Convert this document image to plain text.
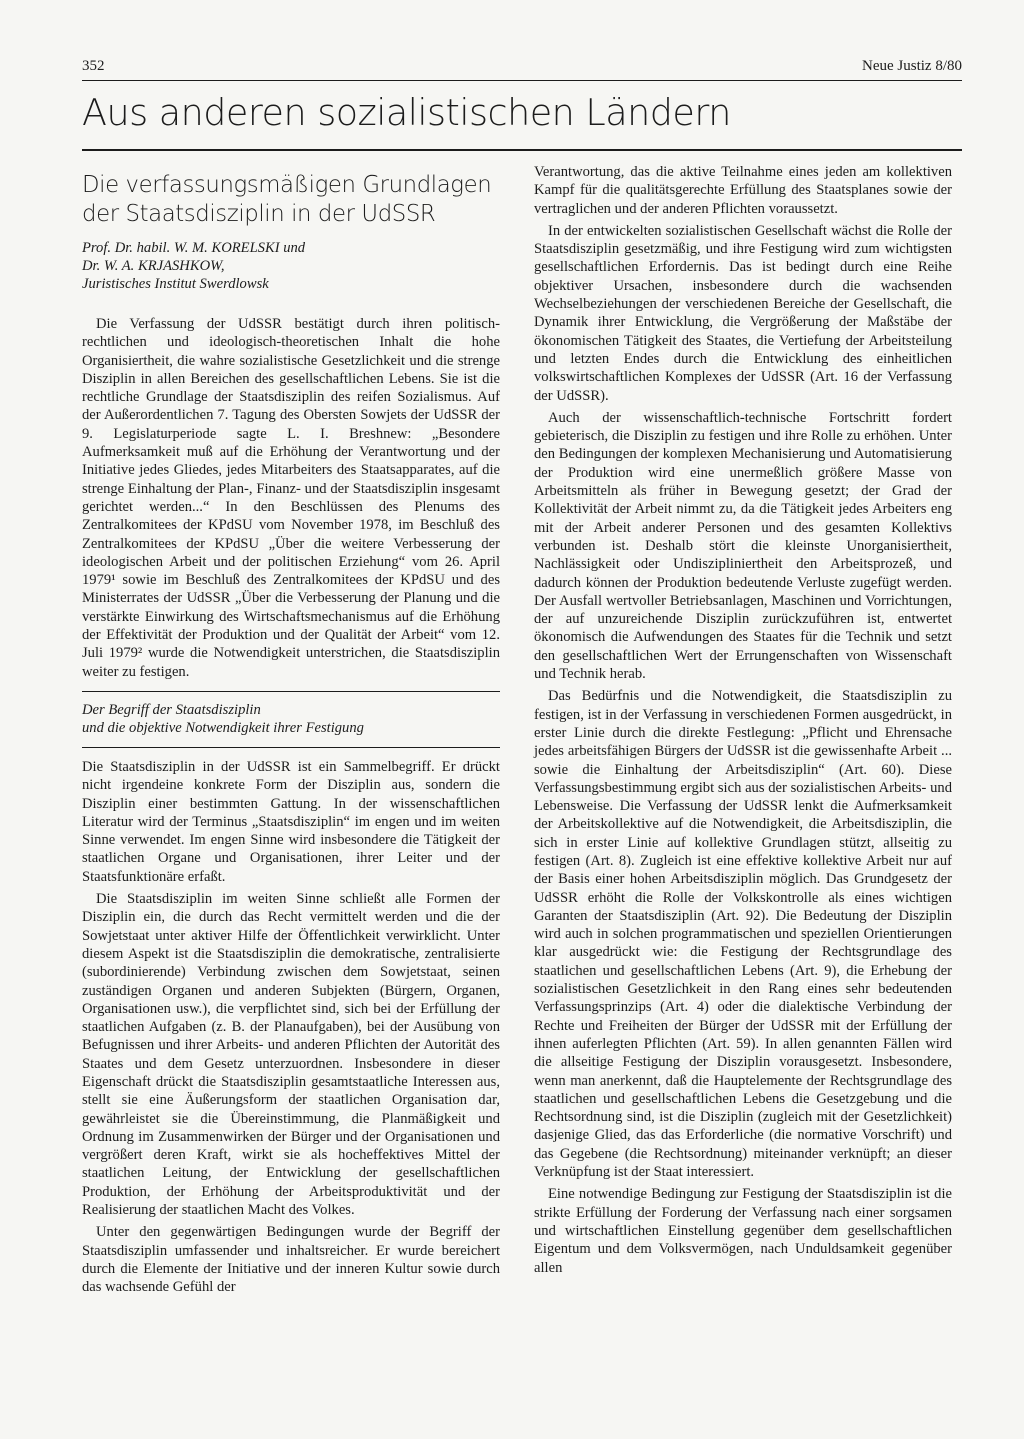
352	Neue Justiz 8/80
Aus anderen sozialistischen Ländern
Die verfassungsmäßigen Grundlagen
der Staatsdisziplin in der UdSSR
Prof. Dr. habil. W. M. KORELSKI und
Dr. W. A. KRJASHKOW,
Juristisches Institut Swerdlowsk

Die Verfassung der UdSSR bestätigt durch ihren politisch-rechtlichen und ideologisch-theoretischen Inhalt die hohe Organisiertheit, die wahre sozialistische Gesetzlichkeit und die strenge Disziplin in allen Bereichen des gesellschaftlichen Lebens. Sie ist die rechtliche Grundlage der Staatsdisziplin des reifen Sozialismus. Auf der Außerordentlichen 7. Tagung des Obersten Sowjets der UdSSR der 9. Legislaturperiode sagte L. I. Breshnew: „Besondere Aufmerksamkeit muß auf die Erhöhung der Verantwortung und der Initiative jedes Gliedes, jedes Mitarbeiters des Staatsapparates, auf die strenge Einhaltung der Plan-, Finanz- und der Staatsdisziplin insgesamt gerichtet werden...“ In den Beschlüssen des Plenums des Zentralkomitees der KPdSU vom November 1978, im Beschluß des Zentralkomitees der KPdSU „Über die weitere Verbesserung der ideologischen Arbeit und der politischen Erziehung“ vom 26. April 1979¹ sowie im Beschluß des Zentralkomitees der KPdSU und des Ministerrates der UdSSR „Über die Verbesserung der Planung und die verstärkte Einwirkung des Wirtschaftsmechanismus auf die Erhöhung der Effektivität der Produktion und der Qualität der Arbeit“ vom 12. Juli 1979² wurde die Notwendigkeit unterstrichen, die Staatsdisziplin weiter zu festigen.

Der Begriff der Staatsdisziplin
und die objektive Notwendigkeit ihrer Festigung

Die Staatsdisziplin in der UdSSR ist ein Sammelbegriff. Er drückt nicht irgendeine konkrete Form der Disziplin aus, sondern die Disziplin einer bestimmten Gattung. In der wissenschaftlichen Literatur wird der Terminus „Staatsdisziplin“ im engen und im weiten Sinne verwendet. Im engen Sinne wird insbesondere die Tätigkeit der staatlichen Organe und Organisationen, ihrer Leiter und der Staatsfunktionäre erfaßt.

Die Staatsdisziplin im weiten Sinne schließt alle Formen der Disziplin ein, die durch das Recht vermittelt werden und die der Sowjetstaat unter aktiver Hilfe der Öffentlichkeit verwirklicht. Unter diesem Aspekt ist die Staatsdisziplin die demokratische, zentralisierte (subordinierende) Verbindung zwischen dem Sowjetstaat, seinen zuständigen Organen und anderen Subjekten (Bürgern, Organen, Organisationen usw.), die verpflichtet sind, sich bei der Erfüllung der staatlichen Aufgaben (z. B. der Planaufgaben), bei der Ausübung von Befugnissen und ihrer Arbeits- und anderen Pflichten der Autorität des Staates und dem Gesetz unterzuordnen. Insbesondere in dieser Eigenschaft drückt die Staatsdisziplin gesamtstaatliche Interessen aus, stellt sie eine Äußerungsform der staatlichen Organisation dar, gewährleistet sie die Übereinstimmung, die Planmäßigkeit und Ordnung im Zusammenwirken der Bürger und der Organisationen und vergrößert deren Kraft, wirkt sie als hocheffektives Mittel der staatlichen Leitung, der Entwicklung der gesellschaftlichen Produktion, der Erhöhung der Arbeitsproduktivität und der Realisierung der staatlichen Macht des Volkes.

Unter den gegenwärtigen Bedingungen wurde der Begriff der Staatsdisziplin umfassender und inhaltsreicher. Er wurde bereichert durch die Elemente der Initiative und der inneren Kultur sowie durch das wachsende Gefühl der

Verantwortung, das die aktive Teilnahme eines jeden am kollektiven Kampf für die qualitätsgerechte Erfüllung des Staatsplanes sowie der vertraglichen und der anderen Pflichten voraussetzt.

In der entwickelten sozialistischen Gesellschaft wächst die Rolle der Staatsdisziplin gesetzmäßig, und ihre Festigung wird zum wichtigsten gesellschaftlichen Erfordernis. Das ist bedingt durch eine Reihe objektiver Ursachen, insbesondere durch die wachsenden Wechselbeziehungen der verschiedenen Bereiche der Gesellschaft, die Dynamik ihrer Entwicklung, die Vergrößerung der Maßstäbe der ökonomischen Tätigkeit des Staates, die Vertiefung der Arbeitsteilung und letzten Endes durch die Entwicklung des einheitlichen volkswirtschaftlichen Komplexes der UdSSR (Art. 16 der Verfassung der UdSSR).

Auch der wissenschaftlich-technische Fortschritt fordert gebieterisch, die Disziplin zu festigen und ihre Rolle zu erhöhen. Unter den Bedingungen der komplexen Mechanisierung und Automatisierung der Produktion wird eine unermeßlich größere Masse von Arbeitsmitteln als früher in Bewegung gesetzt; der Grad der Kollektivität der Arbeit nimmt zu, da die Tätigkeit jedes Arbeiters eng mit der Arbeit anderer Personen und des gesamten Kollektivs verbunden ist. Deshalb stört die kleinste Unorganisiertheit, Nachlässigkeit oder Undiszipliniertheit den Arbeitsprozeß, und dadurch können der Produktion bedeutende Verluste zugefügt werden. Der Ausfall wertvoller Betriebsanlagen, Maschinen und Vorrichtungen, der auf unzureichende Disziplin zurückzuführen ist, entwertet ökonomisch die Aufwendungen des Staates für die Technik und setzt den gesellschaftlichen Wert der Errungenschaften von Wissenschaft und Technik herab.

Das Bedürfnis und die Notwendigkeit, die Staatsdisziplin zu festigen, ist in der Verfassung in verschiedenen Formen ausgedrückt, in erster Linie durch die direkte Festlegung: „Pflicht und Ehrensache jedes arbeitsfähigen Bürgers der UdSSR ist die gewissenhafte Arbeit ... sowie die Einhaltung der Arbeitsdisziplin“ (Art. 60). Diese Verfassungsbestimmung ergibt sich aus der sozialistischen Arbeits- und Lebensweise. Die Verfassung der UdSSR lenkt die Aufmerksamkeit der Arbeitskollektive auf die Notwendigkeit, die Arbeitsdisziplin, die sich in erster Linie auf kollektive Grundlagen stützt, allseitig zu festigen (Art. 8). Zugleich ist eine effektive kollektive Arbeit nur auf der Basis einer hohen Arbeitsdisziplin möglich. Das Grundgesetz der UdSSR erhöht die Rolle der Volkskontrolle als eines wichtigen Garanten der Staatsdisziplin (Art. 92). Die Bedeutung der Disziplin wird auch in solchen programmatischen und speziellen Orientierungen klar ausgedrückt wie: die Festigung der Rechtsgrundlage des staatlichen und gesellschaftlichen Lebens (Art. 9), die Erhebung der sozialistischen Gesetzlichkeit in den Rang eines sehr bedeutenden Verfassungsprinzips (Art. 4) oder die dialektische Verbindung der Rechte und Freiheiten der Bürger der UdSSR mit der Erfüllung der ihnen auferlegten Pflichten (Art. 59). In allen genannten Fällen wird die allseitige Festigung der Disziplin vorausgesetzt. Insbesondere, wenn man anerkennt, daß die Hauptelemente der Rechtsgrundlage des staatlichen und gesellschaftlichen Lebens die Gesetzgebung und die Rechtsordnung sind, ist die Disziplin (zugleich mit der Gesetzlichkeit) dasjenige Glied, das das Erforderliche (die normative Vorschrift) und das Gegebene (die Rechtsordnung) miteinander verknüpft; an dieser Verknüpfung ist der Staat interessiert.

Eine notwendige Bedingung zur Festigung der Staatsdisziplin ist die strikte Erfüllung der Forderung der Verfassung nach einer sorgsamen und wirtschaftlichen Einstellung gegenüber dem gesellschaftlichen Eigentum und dem Volksvermögen, nach Unduldsamkeit gegenüber allen
